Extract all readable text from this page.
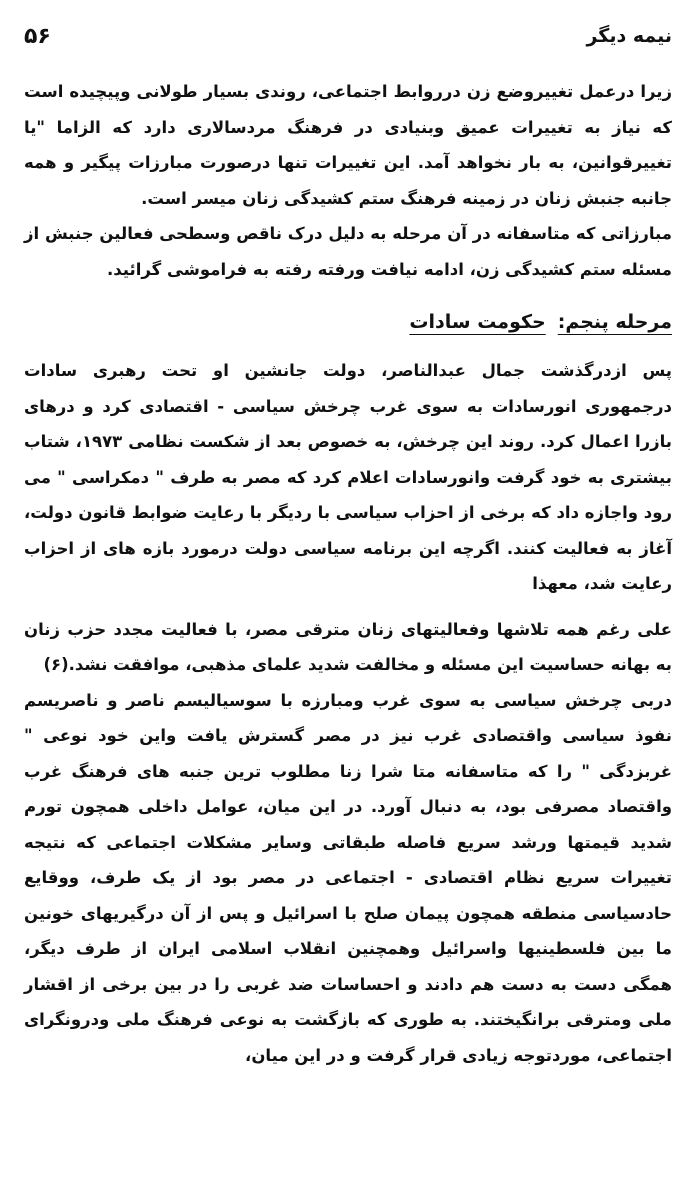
۵۶	نیمه دیگر

زیرا درعمل تغییروضع زن درروابط اجتماعی، روندی بسیار طولانی وپیچیده است که نیاز به تغییرات عمیق وبنیادی در فرهنگ مردسالاری دارد که الزاما "یا تغییرقوانین، به بار نخواهد آمد. این تغییرات تنها درصورت مبارزات پیگیر و همه جانبه جنبش زنان در زمینه فرهنگ ستم کشیدگی زنان میسر است.

مبارزاتی که متاسفانه در آن مرحله به دلیل درک ناقص وسطحی فعالین جنبش از مسئله ستم کشیدگی زن، ادامه نیافت ورفته رفته به فراموشی گرائید.

مرحله پنجم:حکومت سادات

پس ازدرگذشت جمال عبدالناصر، دولت جانشین او تحت رهبری سادات درجمهوری انورسادات به سوی غرب چرخش سیاسی - اقتصادی کرد و درهای بازرا اعمال کرد. روند این چرخش، به خصوص بعد از شکست نظامی ۱۹۷۳، شتاب بیشتری به خود گرفت وانورسادات اعلام کرد که مصر به طرف " دمکراسی " می رود واجازه داد که برخی از احزاب سیاسی با ردیگر با رعایت ضوابط قانون دولت، آغاز به فعالیت کنند. اگرچه این برنامه سیاسی دولت درمورد بازه های از احزاب رعایت شد، معهذا

علی رغم همه تلاشها وفعالیتهای زنان مترقی مصر، با فعالیت مجدد حزب زنان به بهانه حساسیت این مسئله و مخالفت شدید علمای مذهبی، موافقت نشد.(۶)

دربی چرخش سیاسی به سوی غرب ومبارزه با سوسیالیسم ناصر و ناصریسم نفوذ سیاسی واقتصادی غرب نیز در مصر گسترش یافت واین خود نوعی " غربزدگی " را که متاسفانه متا شرا زنا مطلوب ترین جنبه های فرهنگ غرب واقتصاد مصرفی بود، به دنبال آورد. در این میان، عوامل داخلی همچون تورم شدید قیمتها ورشد سریع فاصله طبقاتی وسایر مشکلات اجتماعی که نتیجه تغییرات سریع نظام اقتصادی - اجتماعی در مصر بود از یک طرف، ووقایع حادسیاسی منطقه همچون پیمان صلح با اسرائیل و پس از آن درگیریهای خونین ما بین فلسطینیها واسرائیل وهمچنین انقلاب اسلامی ایران از طرف دیگر، همگی دست به دست هم دادند و احساسات ضد غربی را در بین برخی از اقشار ملی ومترقی برانگیختند. به طوری که بازگشت به نوعی فرهنگ ملی ودرونگرای اجتماعی، موردتوجه زیادی قرار گرفت و در این میان،
